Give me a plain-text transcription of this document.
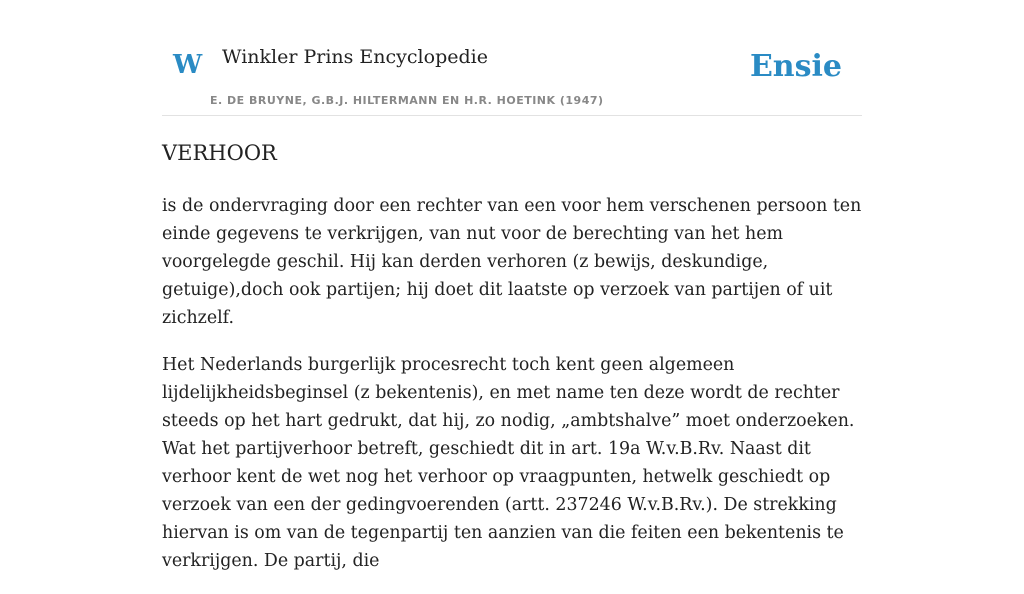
W Winkler Prins Encyclopedie
E. DE BRUYNE, G.B.J. HILTERMANN EN H.R. HOETINK (1947)
Ensie
VERHOOR

is de ondervraging door een rechter van een voor hem verschenen persoon ten einde gegevens te verkrijgen, van nut voor de berechting van het hem voorgelegde geschil. Hij kan derden verhoren (z bewijs, deskundige, getuige),doch ook partijen; hij doet dit laatste op verzoek van partijen of uit zichzelf.

Het Nederlands burgerlijk procesrecht toch kent geen algemeen lijdelijkheidsbeginsel (z bekentenis), en met name ten deze wordt de rechter steeds op het hart gedrukt, dat hij, zo nodig, „ambtshalve” moet onderzoeken. Wat het partijverhoor betreft, geschiedt dit in art. 19a W.v.B.Rv. Naast dit verhoor kent de wet nog het verhoor op vraagpunten, hetwelk geschiedt op verzoek van een der gedingvoerenden (artt. 237246 W.v.B.Rv.). De strekking hiervan is om van de tegenpartij ten aanzien van die feiten een bekentenis te verkrijgen. De partij, die
